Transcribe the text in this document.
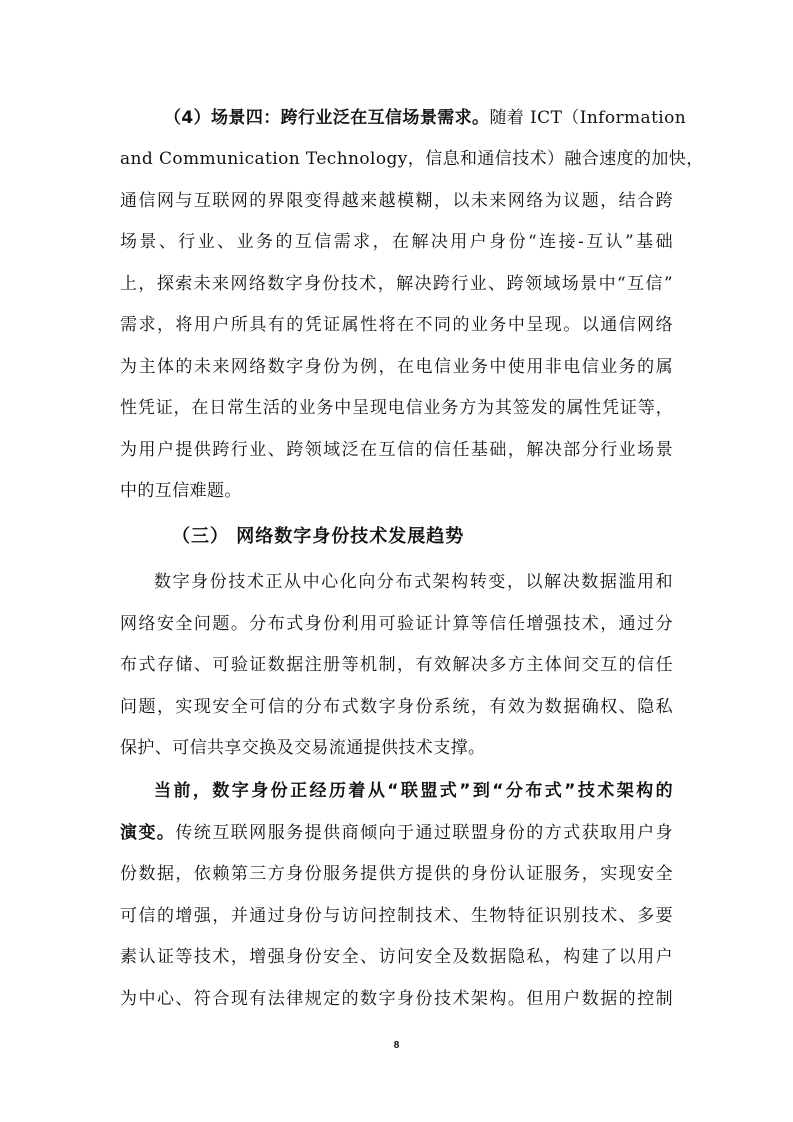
（4）场景四：跨行业泛在互信场景需求。随着 ICT（Information
and Communication Technology，信息和通信技术）融合速度的加快，
通信网与互联网的界限变得越来越模糊，以未来网络为议题，结合跨
场景、行业、业务的互信需求，在解决用户身份“连接-互认”基础
上，探索未来网络数字身份技术，解决跨行业、跨领域场景中“互信”
需求，将用户所具有的凭证属性将在不同的业务中呈现。以通信网络
为主体的未来网络数字身份为例，在电信业务中使用非电信业务的属
性凭证，在日常生活的业务中呈现电信业务方为其签发的属性凭证等，
为用户提供跨行业、跨领域泛在互信的信任基础，解决部分行业场景
中的互信难题。
（三） 网络数字身份技术发展趋势
数字身份技术正从中心化向分布式架构转变，以解决数据滥用和
网络安全问题。分布式身份利用可验证计算等信任增强技术，通过分
布式存储、可验证数据注册等机制，有效解决多方主体间交互的信任
问题，实现安全可信的分布式数字身份系统，有效为数据确权、隐私
保护、可信共享交换及交易流通提供技术支撑。
当前，数字身份正经历着从“联盟式”到“分布式”技术架构的
演变。传统互联网服务提供商倾向于通过联盟身份的方式获取用户身
份数据，依赖第三方身份服务提供方提供的身份认证服务，实现安全
可信的增强，并通过身份与访问控制技术、生物特征识别技术、多要
素认证等技术，增强身份安全、访问安全及数据隐私，构建了以用户
为中心、符合现有法律规定的数字身份技术架构。但用户数据的控制
8
